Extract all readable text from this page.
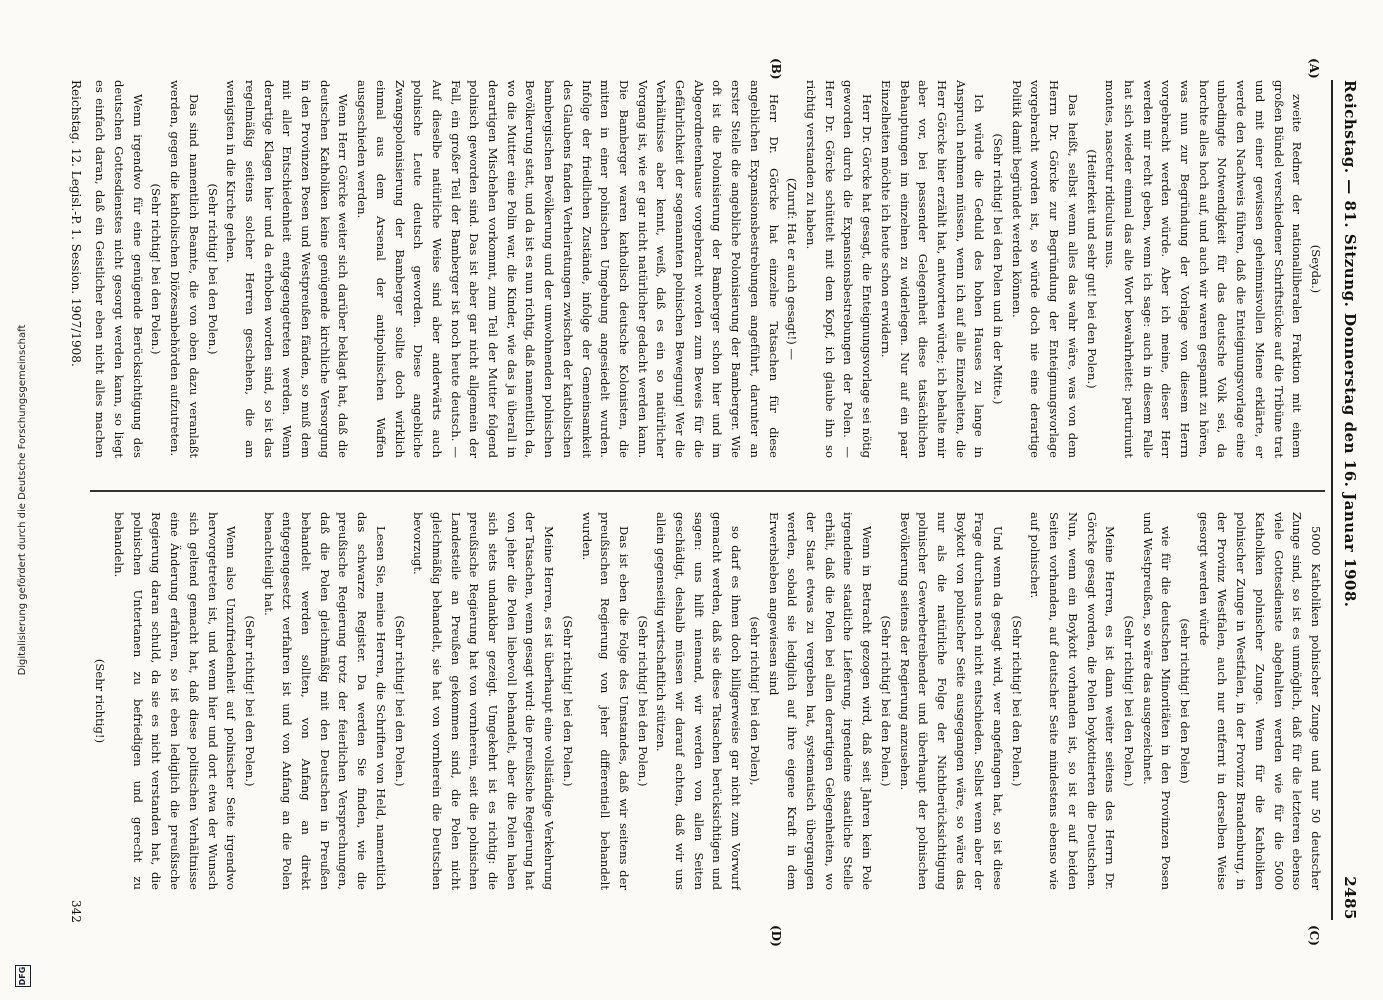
Reichstag. — 81. Sitzung. Donnerstag den 16. Januar 1908.
2485
(A)
(B)
(C)
(D)

(Seyda.)

zweite Redner der nationalliberalen Fraktion mit einem großen Bündel verschiedener Schriftstücke auf die Tribüne trat und mit einer gewissen geheimnisvollen Miene erklärte, er werde den Nachweis führen, daß die Enteignungsvorlage eine unbedingte Notwendigkeit für das deutsche Volk sei, da horchte alles hoch auf, und auch wir waren gespannt zu hören, was nun zur Begründung der Vorlage von diesem Herrn vorgebracht werden würde. Aber ich meine, dieser Herr werden mir recht geben, wenn ich sage: auch in diesem Falle hat sich wieder einmal das alte Wort bewahrheitet: parturiunt montes, nascetur ridiculus mus.

(Heiterkeit und sehr gut! bei den Polen.)

Das heißt, selbst wenn alles das wahr wäre, was von dem Herrn Dr. Görcke zur Begründung der Enteignungsvorlage vorgebracht worden ist, so würde doch nie eine derartige Politik damit begründet werden können.

(Sehr richtig! bei den Polen und in der Mitte.)

Ich würde die Geduld des hohen Hauses zu lange in Anspruch nehmen müssen, wenn ich auf alle Einzelheiten, die Herr Görcke hier erzählt hat, antworten würde; ich behalte mir aber vor, bei passender Gelegenheit diese tatsächlichen Behauptungen im einzelnen zu widerlegen. Nur auf ein paar Einzelheiten möchte ich heute schon erwidern.

Herr Dr. Görcke hat gesagt, die Enteignungsvorlage sei nötig geworden durch die Expansionsbestrebungen der Polen. — Herr Dr. Görcke schüttelt mit dem Kopf, ich glaube ihn so richtig verstanden zu haben.

(Zuruf: Hat er auch gesagt!) —

Herr Dr. Görcke hat einzelne Tatsachen für diese angeblichen Expansionsbestrebungen angeführt, darunter an erster Stelle die angebliche Polonisierung der Bamberger. Wie oft ist die Polonisierung der Bamberger schon hier und im Abgeordnetenhause vorgebracht worden zum Beweis für die Gefährlichkeit der sogenannten polnischen Bewegung! Wer die Verhältnisse aber kennt, weiß, daß es ein so natürlicher Vorgang ist, wie er gar nicht natürlicher gedacht werden kann. Die Bamberger waren katholisch deutsche Kolonisten, die mitten in einer polnischen Umgebung angesiedelt wurden. Infolge der friedlichen Zustände, infolge der Gemeinsamkeit des Glaubens fanden Verheiratungen zwischen der katholischen bambergischen Bevölkerung und der umwohnenden polnischen Bevölkerung statt, und da ist es nun richtig, daß namentlich da, wo die Mutter eine Polin war, die Kinder, wie das ja überall in derartigen Mischehen vorkommt, zum Teil der Mutter folgend polnisch geworden sind. Das ist aber gar nicht allgemein der Fall, ein großer Teil der Bamberger ist noch heute deutsch. — Auf dieselbe natürliche Weise sind aber anderwärts auch polnische Leute deutsch geworden. Diese angebliche Zwangspolonisierung der Bamberger sollte doch wirklich einmal aus dem Arsenal der antipolnischen Waffen ausgeschieden werden.

Wenn Herr Görcke weiter sich darüber beklagt hat, daß die deutschen Katholiken keine genügende kirchliche Versorgung in den Provinzen Posen und Westpreußen fänden, so muß dem mit aller Entschiedenheit entgegengetreten werden. Wenn derartige Klagen hier und da erhoben worden sind, so ist das regelmäßig seitens solcher Herren geschehen, die am wenigsten in die Kirche gehen.

(Sehr richtig! bei den Polen.)

Das sind namentlich Beamte, die von oben dazu veranlaßt werden, gegen die katholischen Diözesanbehörden aufzutreten.

(Sehr richtig! bei den Polen.)

Wenn irgendwo für eine genügende Berücksichtigung des deutschen Gottesdienstes nicht gesorgt werden kann, so liegt es einfach daran, daß ein Geistlicher eben nicht alles machen

5000 Katholiken polnischer Zunge und nur 50 deutscher Zunge sind, so ist es unmöglich, daß für die letzteren ebenso viele Gottesdienste abgehalten werden wie für die 5000 Katholiken polnischer Zunge. Wenn für die Katholiken polnischer Zunge in Westfalen, in der Provinz Brandenburg, in der Provinz Westfalen, auch nur entfernt in derselben Weise gesorgt werden würde

(sehr richtig! bei den Polen)

wie für die deutschen Minoritäten in den Provinzen Posen und Westpreußen, so wäre das ausgezeichnet.

(Sehr richtig! bei den Polen.)

Meine Herren, es ist dann weiter seitens des Herrn Dr. Görcke gesagt worden, die Polen boykottierten die Deutschen. Nun, wenn ein Boykott vorhanden ist, so ist er auf beiden Seiten vorhanden, auf deutscher Seite mindestens ebenso wie auf polnischer.

(Sehr richtig! bei den Polen.)

Und wenn da gesagt wird, wer angefangen hat, so ist diese Frage durchaus noch nicht entschieden. Selbst wenn aber der Boykott von polnischer Seite ausgegangen wäre, so wäre das nur als die natürliche Folge der Nichtberücksichtigung polnischer Gewerbetreibender und überhaupt der polnischen Bevölkerung seitens der Regierung anzusehen.

(Sehr richtig! bei den Polen.)

Wenn in Betracht gezogen wird, daß seit Jahren kein Pole irgendeine staatliche Lieferung, irgendeine staatliche Stelle erhält, daß die Polen bei allen derartigen Gelegenheiten, wo der Staat etwas zu vergeben hat, systematisch übergangen werden, sobald sie lediglich auf ihre eigene Kraft in dem Erwerbsleben angewiesen sind

(sehr richtig! bei den Polen),

so darf es ihnen doch billigerweise gar nicht zum Vorwurf gemacht werden, daß sie diese Tatsachen berücksichtigen und sagen: uns hilft niemand, wir werden von allen Seiten geschädigt, deshalb müssen wir darauf achten, daß wir uns allein gegenseitig wirtschaftlich stützen.

(Sehr richtig! bei den Polen.)

Das ist eben die Folge des Umstandes, daß wir seitens der preußischen Regierung von jeher differentiell behandelt wurden.

(Sehr richtig! bei den Polen.)

Meine Herren, es ist überhaupt eine vollständige Verkehrung der Tatsachen, wenn gesagt wird: die preußische Regierung hat von jeher die Polen liebevoll behandelt, aber die Polen haben sich stets undankbar gezeigt. Umgekehrt ist es richtig: die preußische Regierung hat von vornherein, seit die polnischen Landesteile an Preußen gekommen sind, die Polen nicht gleichmäßig behandelt, sie hat von vornherein die Deutschen bevorzugt.

(Sehr richtig! bei den Polen.)

Lesen Sie, meine Herren, die Schriften von Held, namentlich das schwarze Register. Da werden Sie finden, wie die preußische Regierung trotz der feierlichen Versprechungen, daß die Polen gleichmäßig mit den Deutschen in Preußen behandelt werden sollten, von Anfang an direkt entgegengesetzt verfahren ist und von Anfang an die Polen benachteiligt hat.

(Sehr richtig! bei den Polen.)

Wenn also Unzufriedenheit auf polnischer Seite irgendwo hervorgetreten ist, und wenn hier und dort etwa der Wunsch sich geltend gemacht hat, daß diese politischen Verhältnisse eine Änderung erfahren, so ist eben lediglich die preußische Regierung daran schuld, da sie es nicht verstanden hat, die polnischen Untertanen zu befriedigen und gerecht zu behandeln.

(Sehr richtig!)

Reichstag. 12. Legisl.-P. 1. Session. 1907/1908.
342
Digitalisierung gefördert durch die Deutsche Forschungsgemeinschaft
DFG
